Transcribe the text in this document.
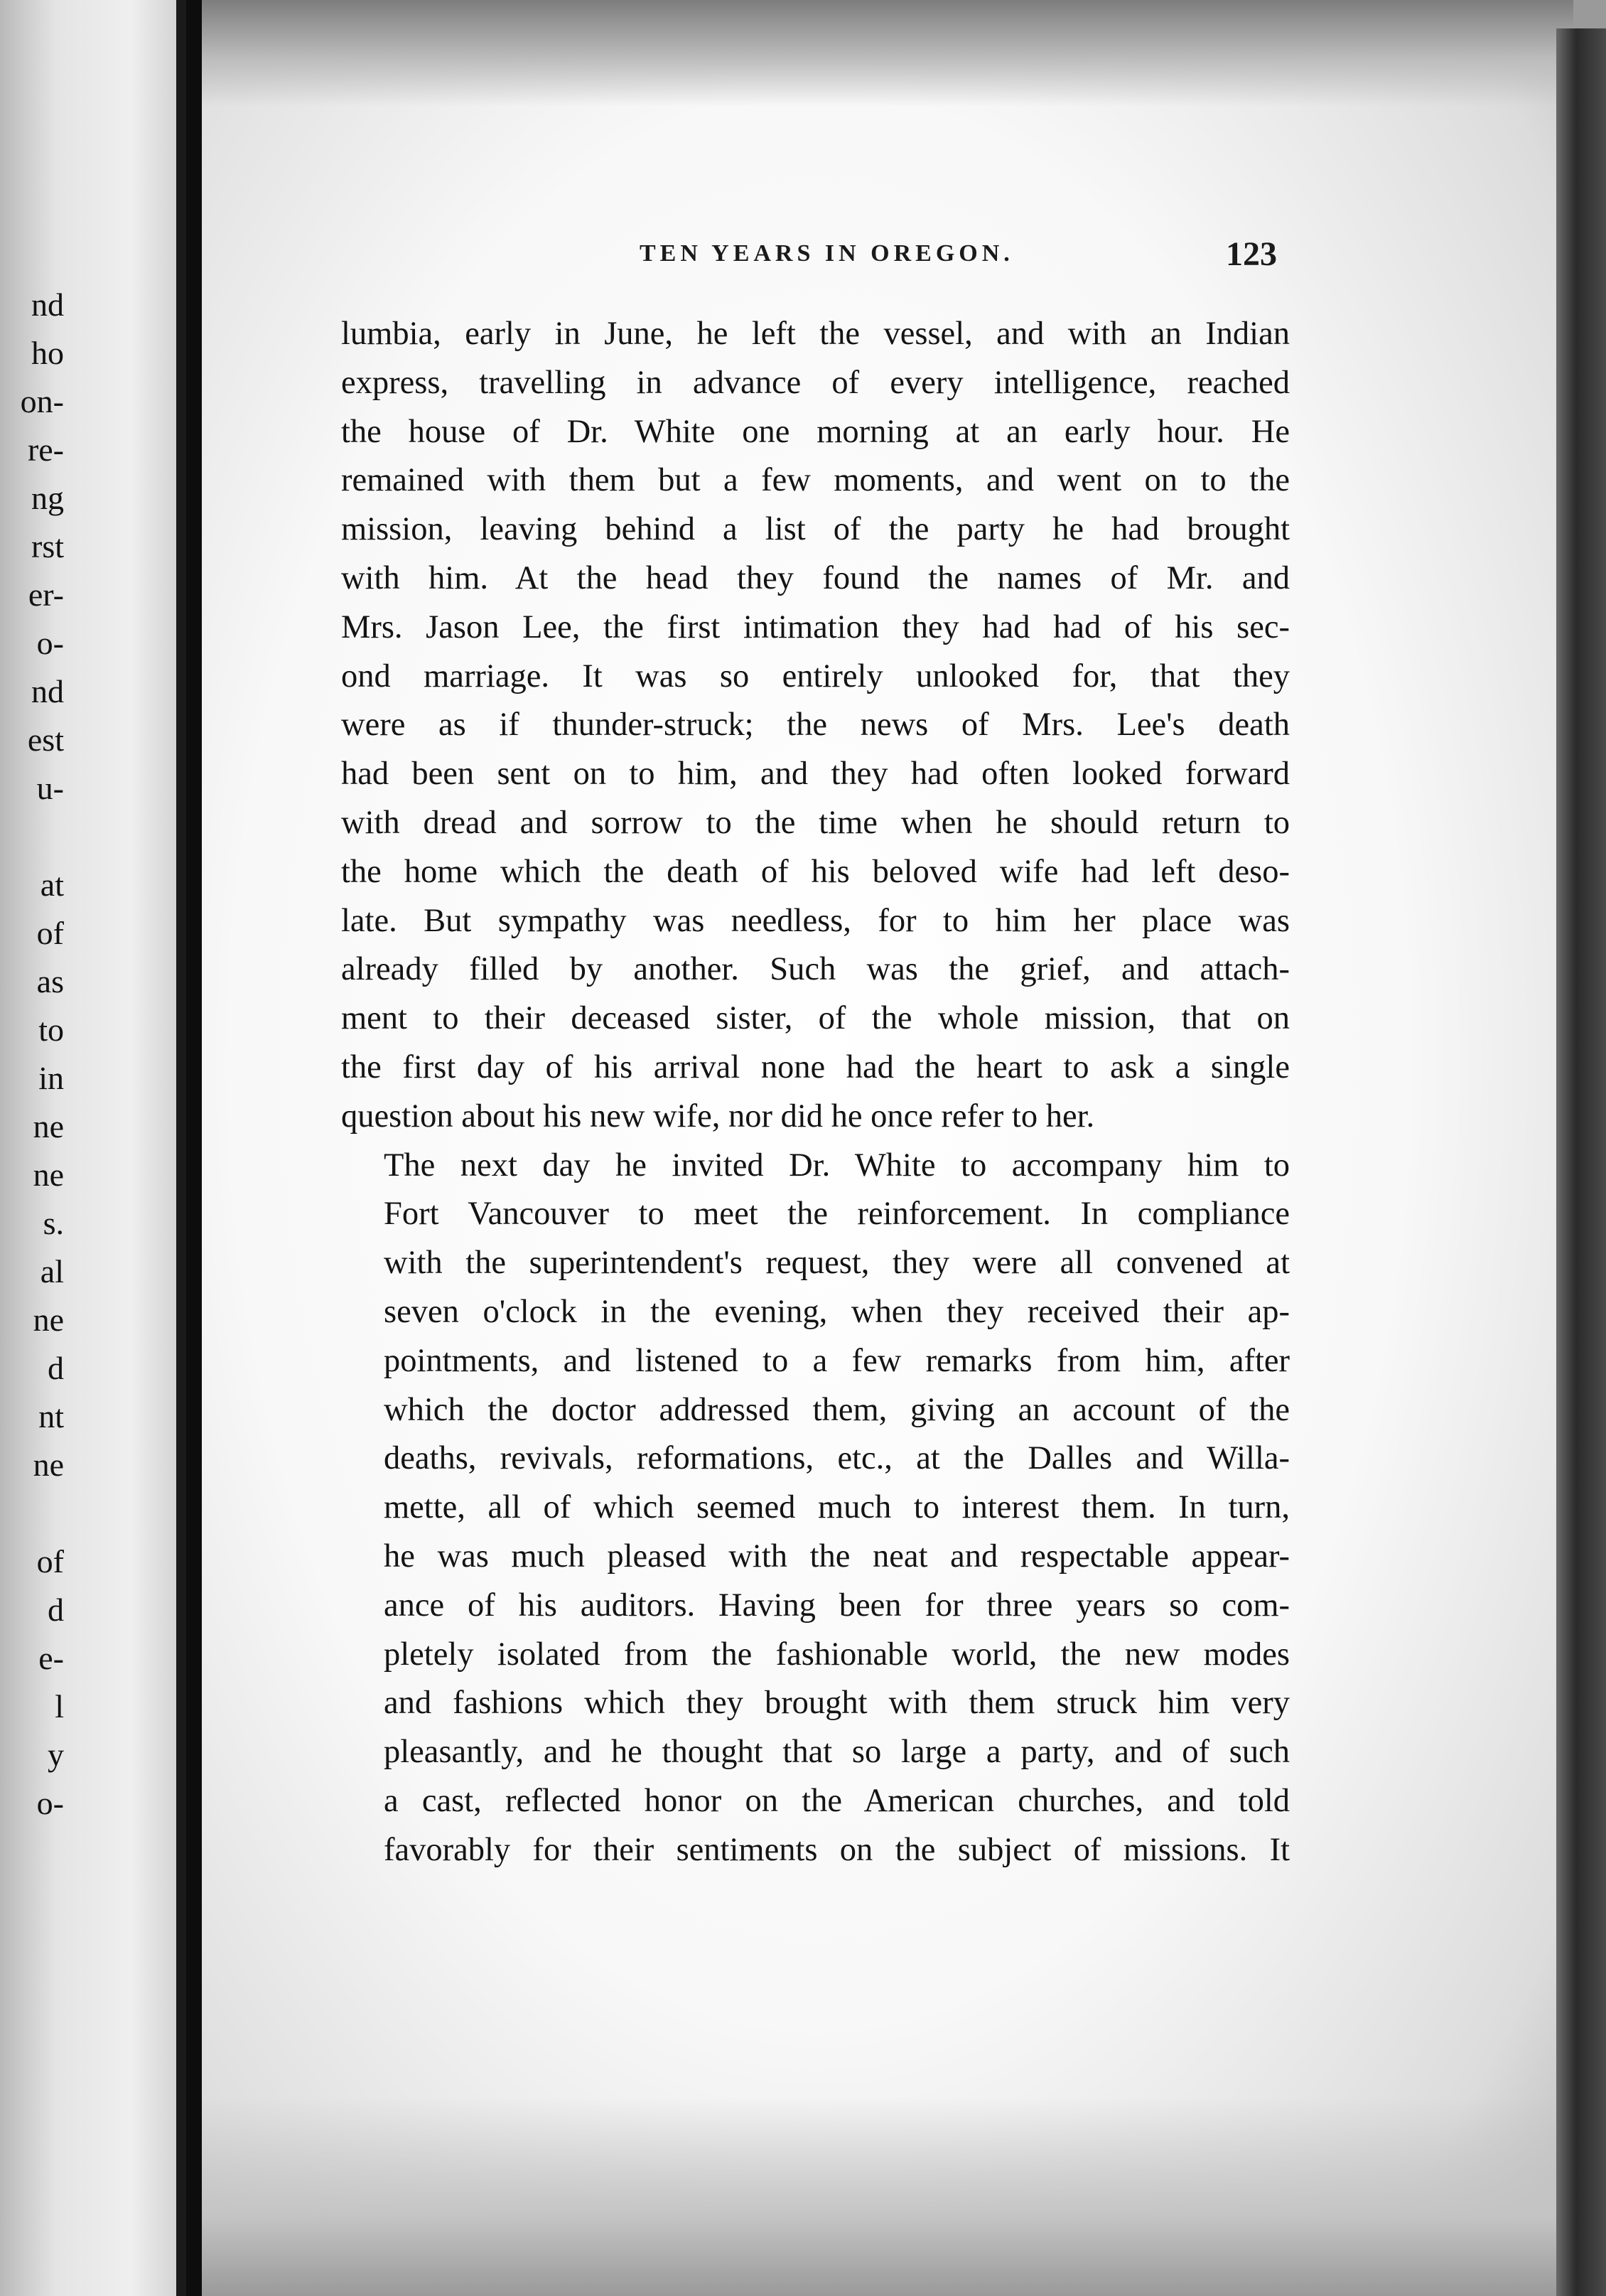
nd
ho
on-
re-
ng
rst
er-
o-
nd
est
u-
at
of
as
to
in
ne
ne
s.
al
ne
d
nt
ne
of
d
e-
l
y
o-
TEN YEARS IN OREGON.	123

lumbia, early in June, he left the vessel, and with an Indian
express, travelling in advance of every intelligence, reached
the house of Dr. White one morning at an early hour. He
remained with them but a few moments, and went on to the
mission, leaving behind a list of the party he had brought
with him. At the head they found the names of Mr. and
Mrs. Jason Lee, the first intimation they had had of his sec-
ond marriage. It was so entirely unlooked for, that they
were as if thunder-struck; the news of Mrs. Lee's death
had been sent on to him, and they had often looked forward
with dread and sorrow to the time when he should return to
the home which the death of his beloved wife had left deso-
late. But sympathy was needless, for to him her place was
already filled by another. Such was the grief, and attach-
ment to their deceased sister, of the whole mission, that on
the first day of his arrival none had the heart to ask a single
question about his new wife, nor did he once refer to her.

The next day he invited Dr. White to accompany him to
Fort Vancouver to meet the reinforcement. In compliance
with the superintendent's request, they were all convened at
seven o'clock in the evening, when they received their ap-
pointments, and listened to a few remarks from him, after
which the doctor addressed them, giving an account of the
deaths, revivals, reformations, etc., at the Dalles and Willa-
mette, all of which seemed much to interest them. In turn,
he was much pleased with the neat and respectable appear-
ance of his auditors. Having been for three years so com-
pletely isolated from the fashionable world, the new modes
and fashions which they brought with them struck him very
pleasantly, and he thought that so large a party, and of such
a cast, reflected honor on the American churches, and told
favorably for their sentiments on the subject of missions. It
